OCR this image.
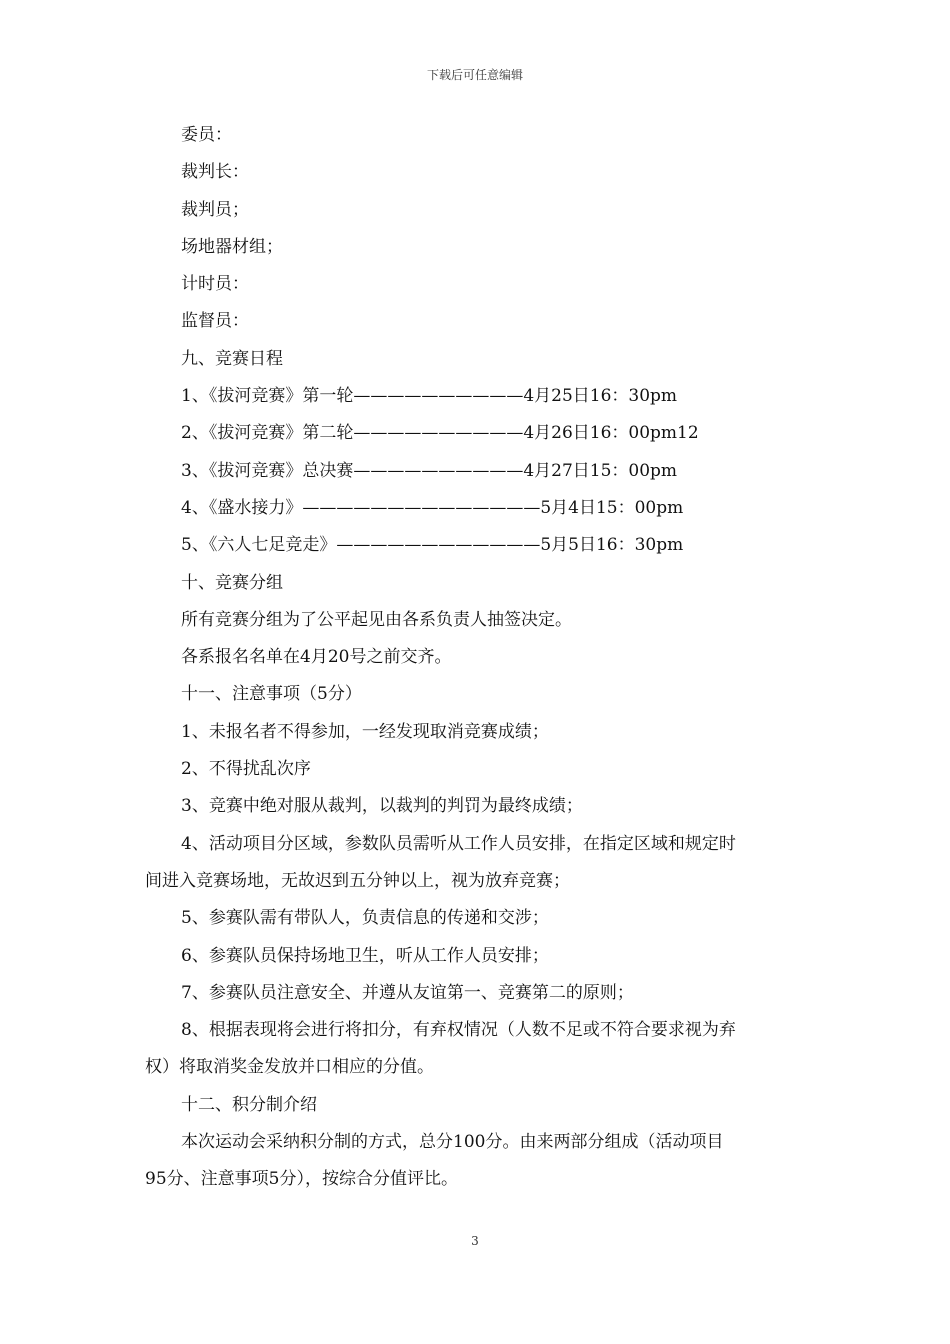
下载后可任意编辑
委员：
裁判长：
裁判员；
场地器材组；
计时员：
监督员：
九、竞赛日程
1、《拔河竞赛》第一轮——————————4月25日16：30pm
2、《拔河竞赛》第二轮——————————4月26日16：00pm12
3、《拔河竞赛》总决赛——————————4月27日15：00pm
4、《盛水接力》——————————————5月4日15：00pm
5、《六人七足竞走》————————————5月5日16：30pm
十、竞赛分组
所有竞赛分组为了公平起见由各系负责人抽签决定。
各系报名名单在4月20号之前交齐。
十一、注意事项（5分）
1、未报名者不得参加，一经发现取消竞赛成绩；
2、不得扰乱次序
3、竞赛中绝对服从裁判，以裁判的判罚为最终成绩；
4、活动项目分区域，参数队员需听从工作人员安排，在指定区域和规定时
间进入竞赛场地，无故迟到五分钟以上，视为放弃竞赛；
5、参赛队需有带队人，负责信息的传递和交涉；
6、参赛队员保持场地卫生，听从工作人员安排；
7、参赛队员注意安全、并遵从友谊第一、竞赛第二的原则；
8、根据表现将会进行将扣分，有弃权情况（人数不足或不符合要求视为弃
权）将取消奖金发放并口相应的分值。
十二、积分制介绍
本次运动会采纳积分制的方式，总分100分。由来两部分组成（活动项目
95分、注意事项5分），按综合分值评比。
3
